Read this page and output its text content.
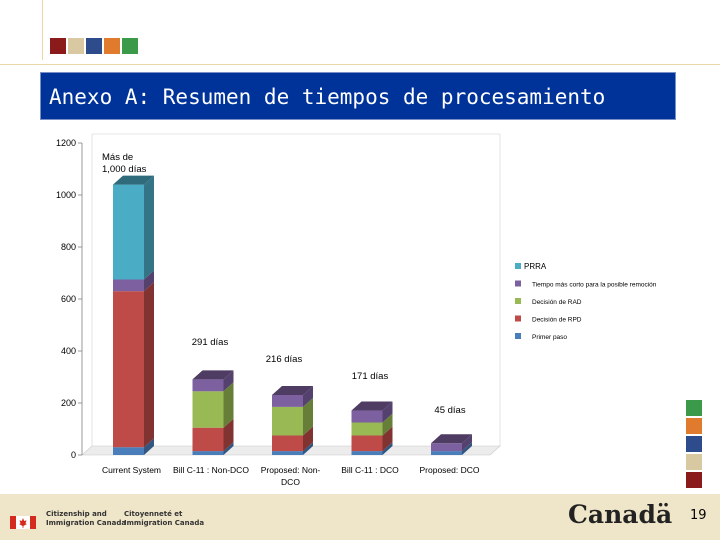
Anexo A: Resumen de tiempos de procesamiento
0
200
400
600
800
1000
1200
Current System Bill C-11 : Non-DCO Proposed: Non-
DCO
Bill C-11 : DCO Proposed: DCO
Más de
1,000 días
291 días
216 días
171 días
45 días
PRRA
Tiempo más corto para la posible remoción
Decisión de RAD
Decisión de RPD
Primer paso
Citizenship and
Immigration Canada
Citoyenneté et
Immigration Canada	Canadä 19
